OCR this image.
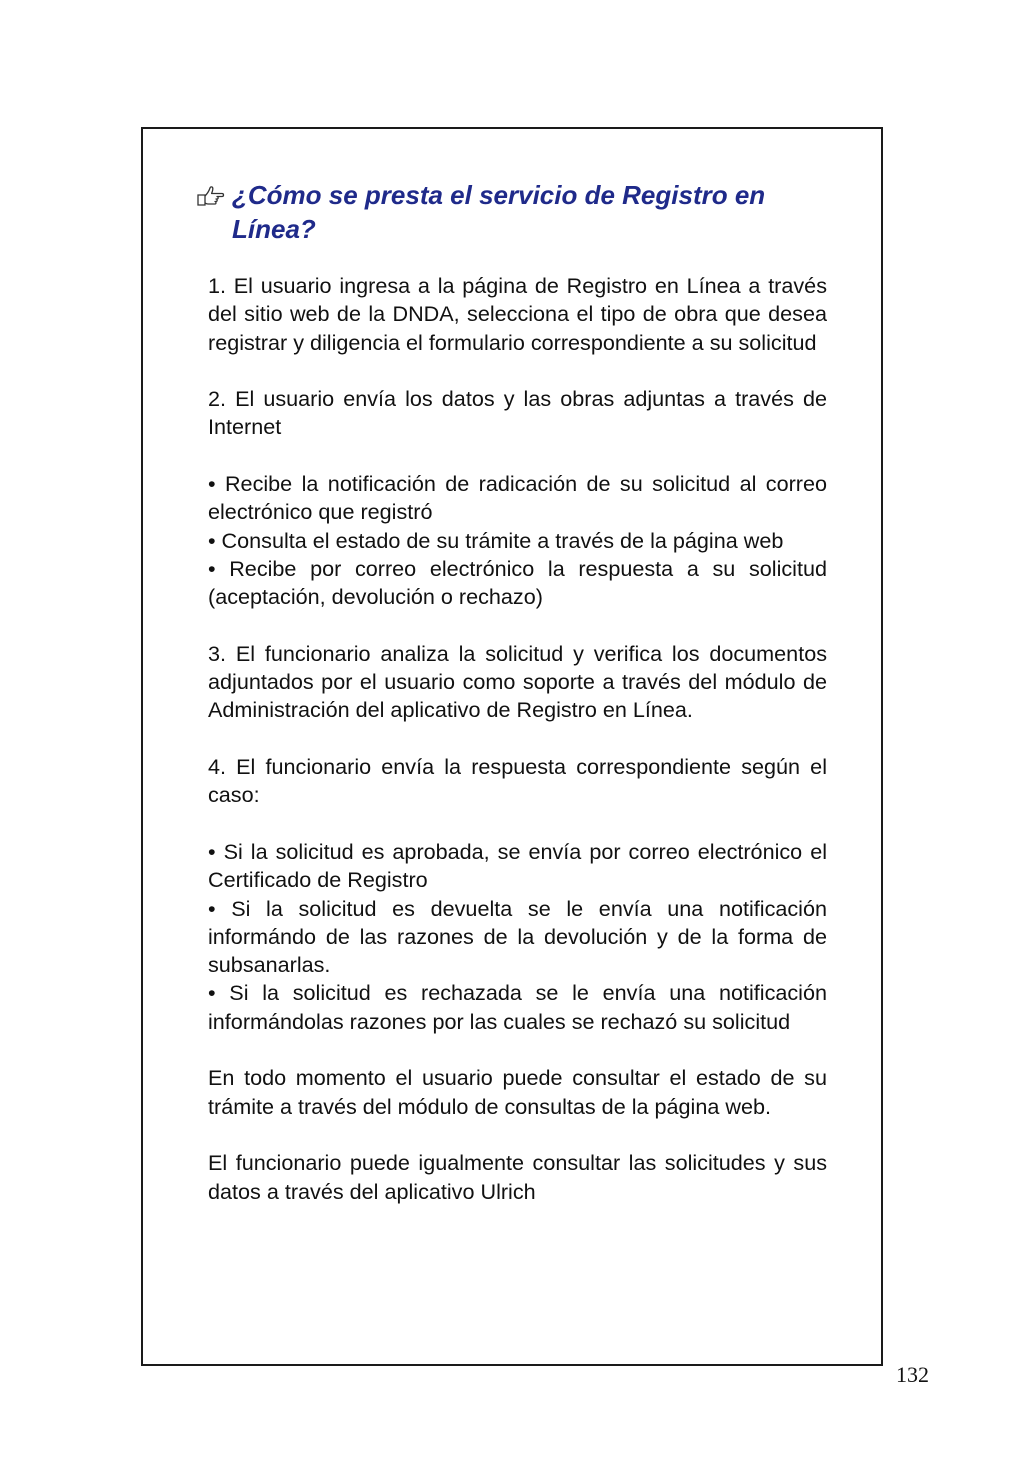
¿Cómo se presta el servicio de Registro en Línea?

1. El usuario ingresa a la página de Registro en Línea a través del sitio web de la DNDA, selecciona el tipo de obra que desea registrar y diligencia el formulario correspondiente a su solicitud

2. El usuario envía los datos y las obras adjuntas a través de Internet

• Recibe la notificación de radicación de su solicitud al correo electrónico que registró

• Consulta el estado de su trámite a través de la página web

• Recibe por correo electrónico la respuesta a su solicitud (aceptación, devolución o rechazo)

3. El funcionario analiza la solicitud y verifica los documentos adjuntados por el usuario como soporte a través del módulo de Administración del aplicativo de Registro en Línea.

4. El funcionario envía la respuesta correspondiente según el caso:

• Si la solicitud es aprobada, se envía por correo electrónico el Certificado de Registro

• Si la solicitud es devuelta se le envía una notificación informándo de las razones de la devolución y de la forma de subsanarlas.

• Si la solicitud es rechazada se le envía una notificación informándolas razones por las cuales se rechazó su solicitud

En todo momento el usuario puede consultar el estado de su trámite a través del módulo de consultas de la página web.

El funcionario puede igualmente consultar las solicitudes y sus datos a través del aplicativo Ulrich

132
